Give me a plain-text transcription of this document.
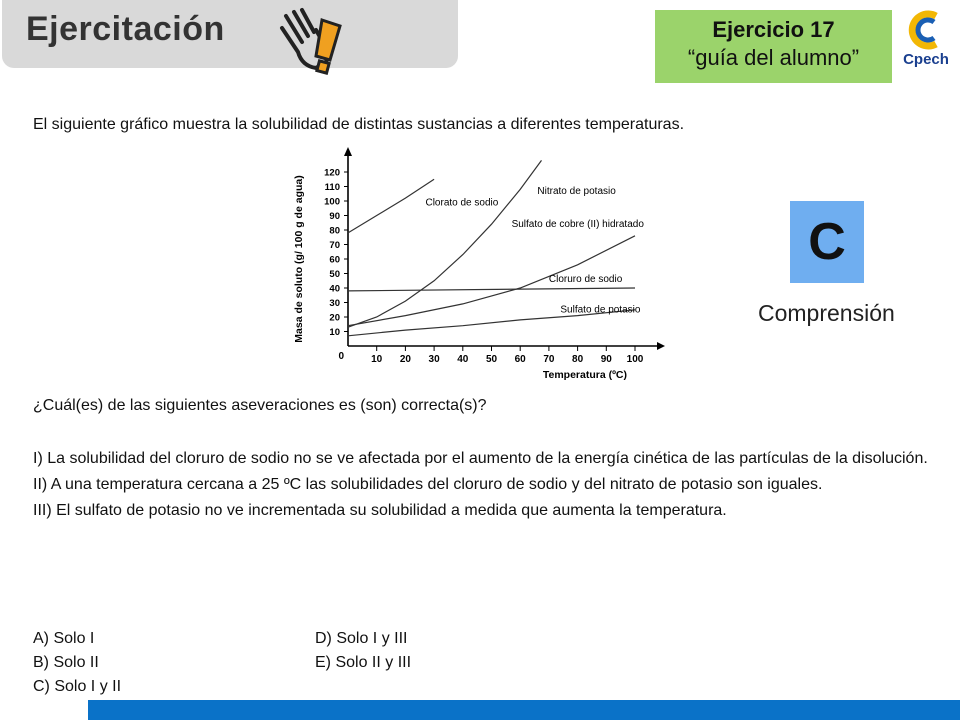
Ejercitación	Ejercicio 17
“guía del alumno”	Cpech
El siguiente gráfico muestra la solubilidad de distintas sustancias a diferentes temperaturas.
10 20 30 40 50 60 70 80 90 100
10
20
30
40
50
60
70
80
90
100
110
120
0
Temperatura (ºC)
Masa de soluto (g/ 100 g de agua)	Clorato de sodio
Nitrato de potasio
Sulfato de cobre (II) hidratado
Cloruro de sodio
Sulfato de potasio
C
Comprensión
¿Cuál(es) de las siguientes aseveraciones es (son) correcta(s)?

I) La solubilidad del cloruro de sodio no se ve afectada por el aumento de la energía cinética de las partículas de la disolución.

II) A una temperatura cercana a 25 ºC las solubilidades del cloruro de sodio y del nitrato de potasio son iguales.

III) El sulfato de potasio no ve incrementada su solubilidad a medida que aumenta la temperatura.

A) Solo I
B) Solo II
C) Solo I y II
D) Solo I y III
E) Solo II y III
